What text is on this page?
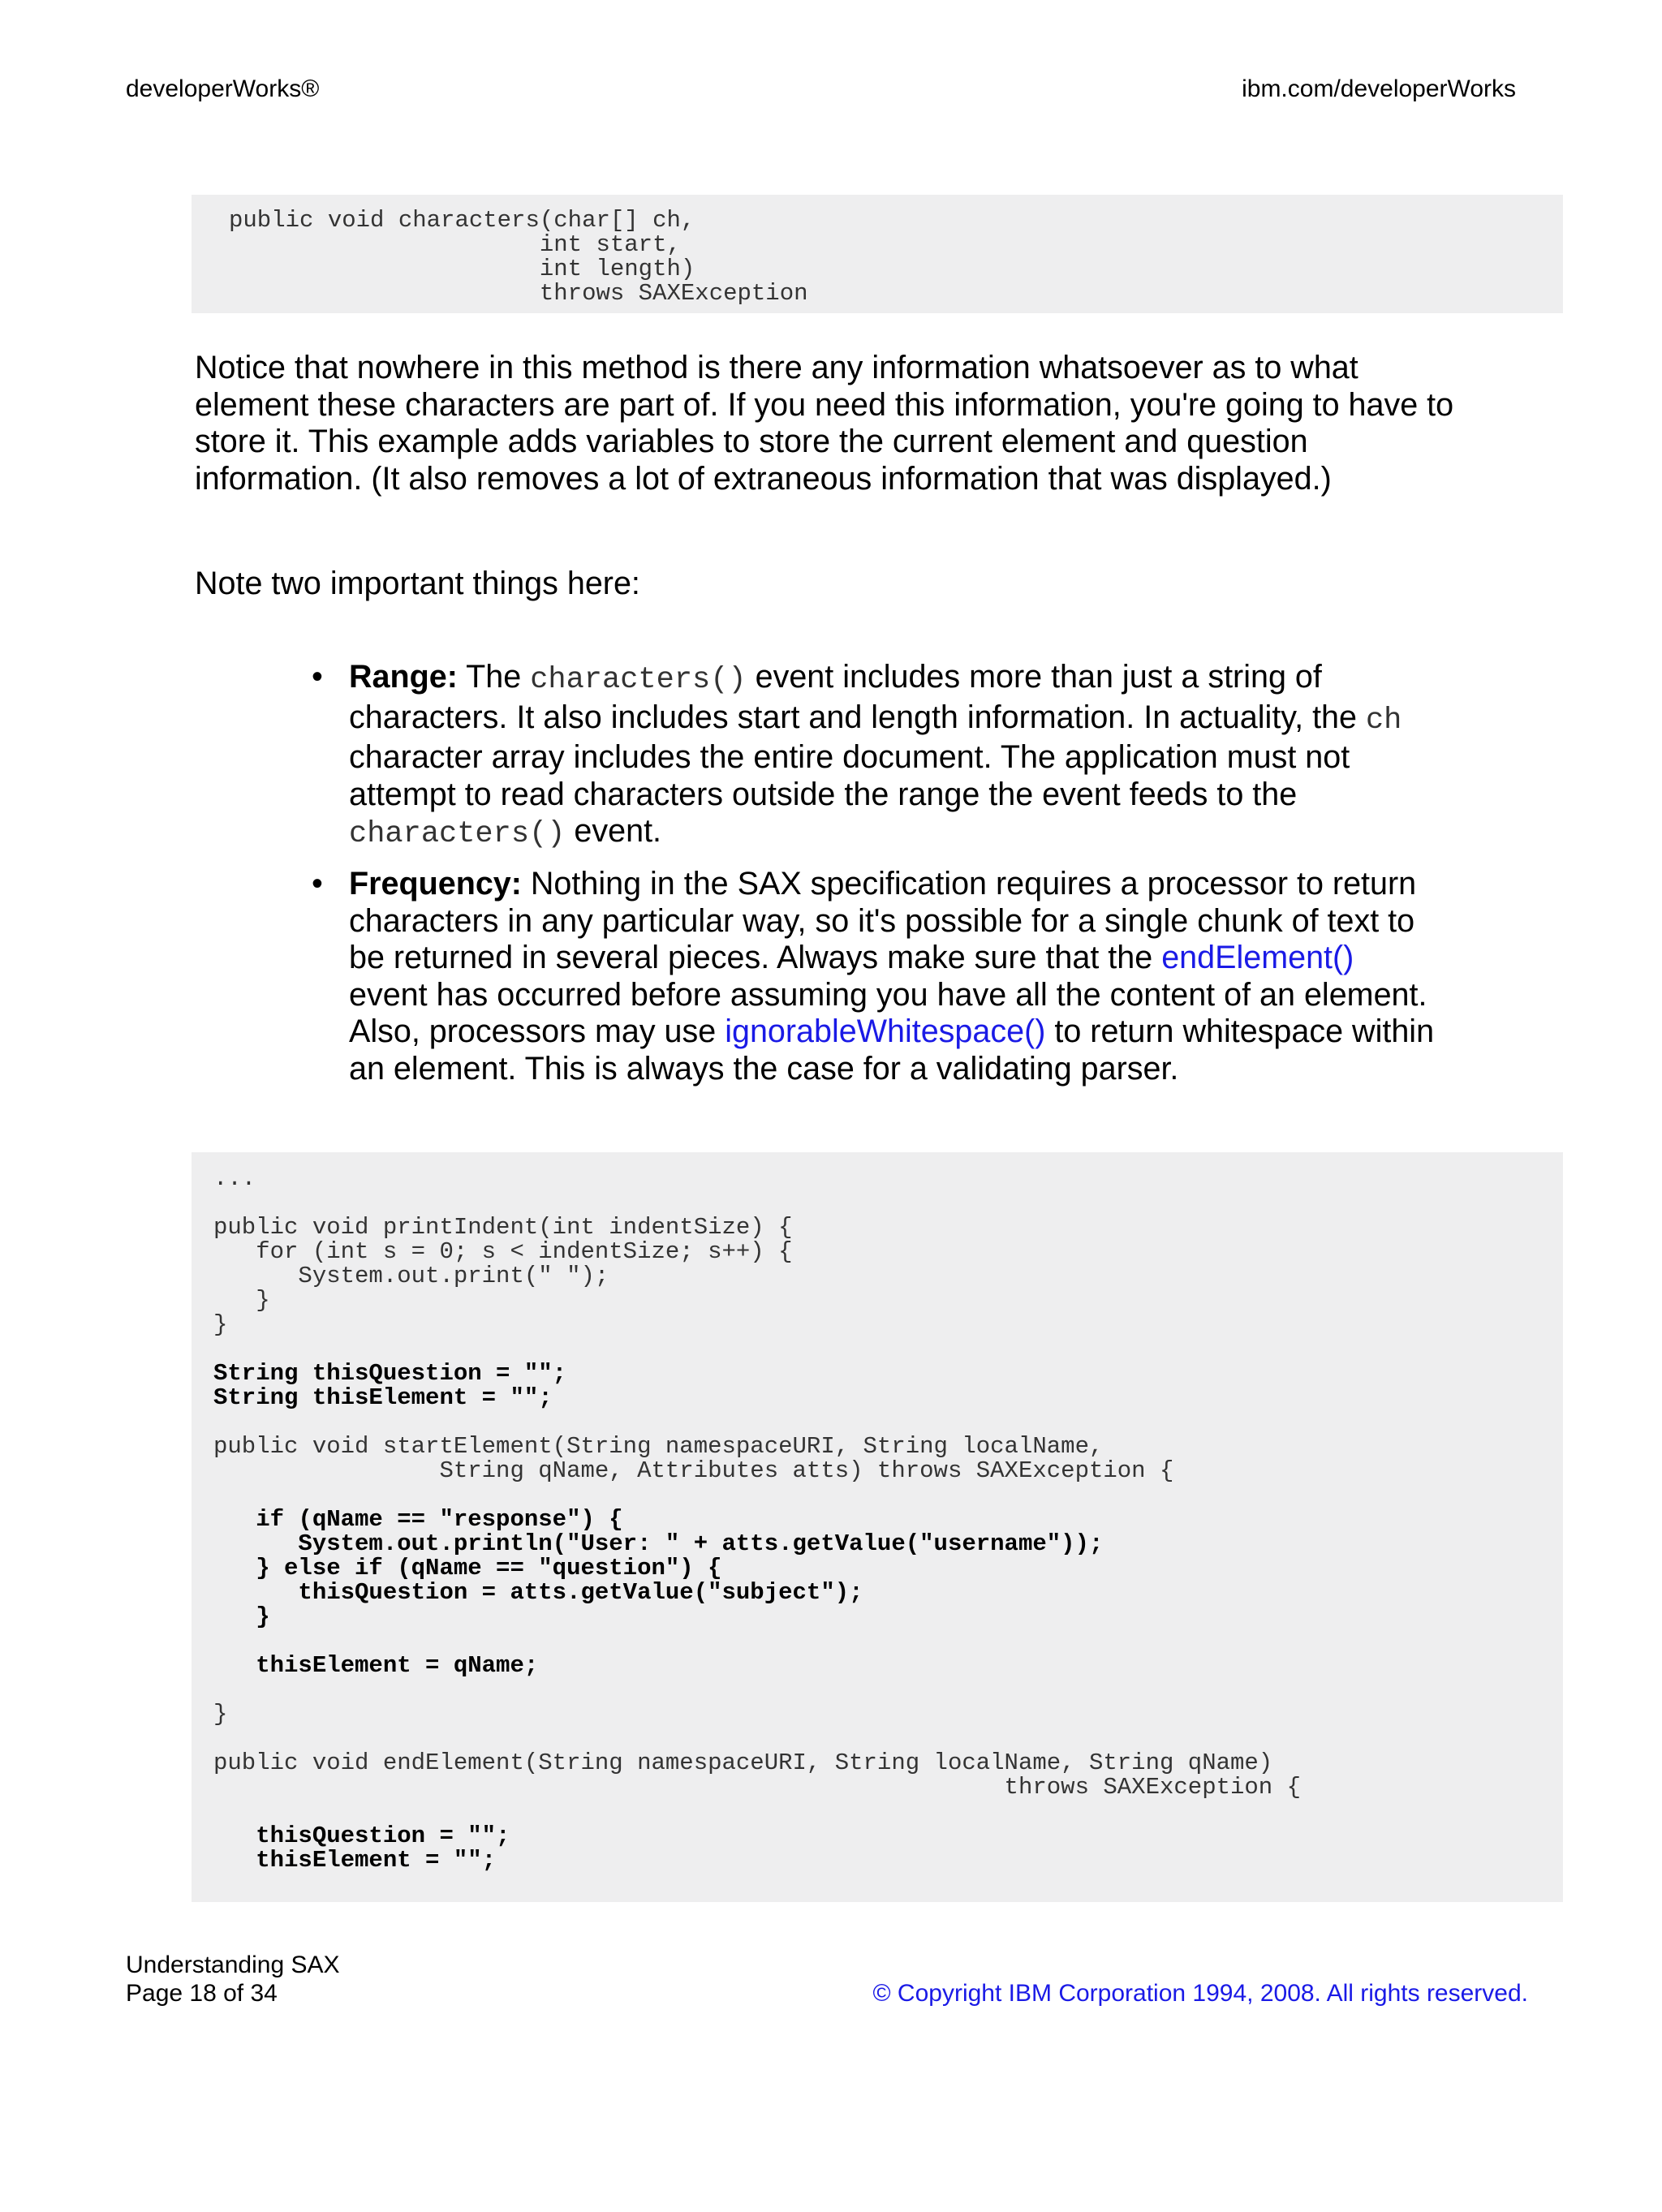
developerWorks®	ibm.com/developerWorks
public void characters(char[] ch,
int start,
int length)
throws SAXException

Notice that nowhere in this method is there any information whatsoever as to what element these characters are part of. If you need this information, you're going to have to store it. This example adds variables to store the current element and question information. (It also removes a lot of extraneous information that was displayed.)

Note two important things here:

• Range: The characters() event includes more than just a string of characters. It also includes start and length information. In actuality, the ch character array includes the entire document. The application must not attempt to read characters outside the range the event feeds to the characters() event.
• Frequency: Nothing in the SAX specification requires a processor to return characters in any particular way, so it's possible for a single chunk of text to be returned in several pieces. Always make sure that the endElement() event has occurred before assuming you have all the content of an element. Also, processors may use ignorableWhitespace() to return whitespace within an element. This is always the case for a validating parser.
...

public void printIndent(int indentSize) {
for (int s = 0; s < indentSize; s++) {
System.out.print(" ");
}
}

String thisQuestion = "";
String thisElement = "";

public void startElement(String namespaceURI, String localName,
String qName, Attributes atts) throws SAXException {

if (qName == "response") {
System.out.println("User: " + atts.getValue("username"));
} else if (qName == "question") {
thisQuestion = atts.getValue("subject");
}

thisElement = qName;

}

public void endElement(String namespaceURI, String localName, String qName)
throws SAXException {

thisQuestion = "";
thisElement = "";
Understanding SAX
Page 18 of 34	© Copyright IBM Corporation 1994, 2008. All rights reserved.
